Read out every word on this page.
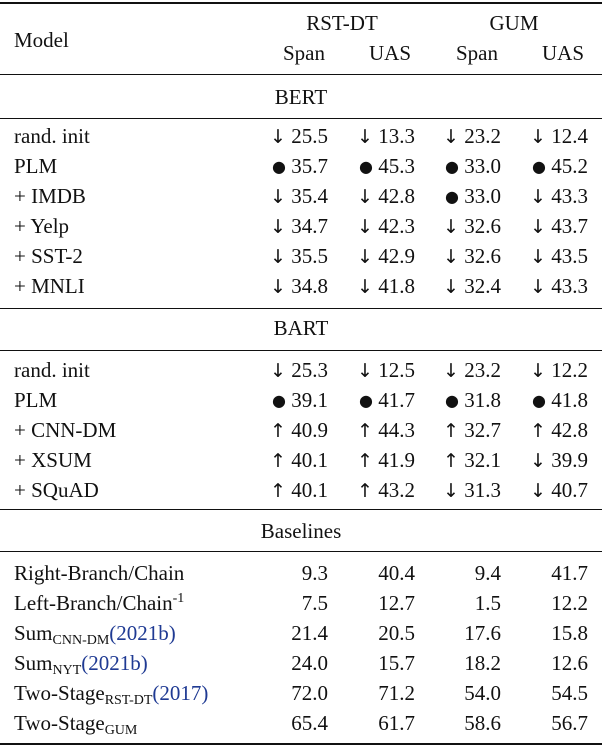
Model
RST-DT	GUM
Span UAS Span UAS
BERT
rand. init	↓ 25.5 ↓ 13.3 ↓ 23.2 ↓ 12.4
PLM	● 35.7 ● 45.3 ● 33.0 ● 45.2
+ IMDB	↓ 35.4 ↓ 42.8 ● 33.0 ↓ 43.3
+ Yelp	↓ 34.7 ↓ 42.3 ↓ 32.6 ↓ 43.7
+ SST-2	↓ 35.5 ↓ 42.9 ↓ 32.6 ↓ 43.5
+ MNLI	↓ 34.8 ↓ 41.8 ↓ 32.4 ↓ 43.3
BART
rand. init	↓ 25.3 ↓ 12.5 ↓ 23.2 ↓ 12.2
PLM	● 39.1 ● 41.7 ● 31.8 ● 41.8
+ CNN-DM	↑ 40.9 ↑ 44.3 ↑ 32.7 ↑ 42.8
+ XSUM	↑ 40.1 ↑ 41.9 ↑ 32.1 ↓ 39.9
+ SQuAD	↑ 40.1 ↑ 43.2 ↓ 31.3 ↓ 40.7
Baselines
Right-Branch/Chain	9.3 40.4	9.4 41.7
Left-Branch/Chain$^{-1}$	7.5 12.7	1.5 12.2
Sum$_{CNN-DM}$(2021b)	21.4 20.5 17.6 15.8
Sum$_{NYT}$(2021b)	24.0 15.7 18.2 12.6
Two-Stage$_{RST-DT}$(2017)	72.0 71.2 54.0 54.5
Two-Stage$_{GUM}$	65.4 61.7 58.6 56.7
